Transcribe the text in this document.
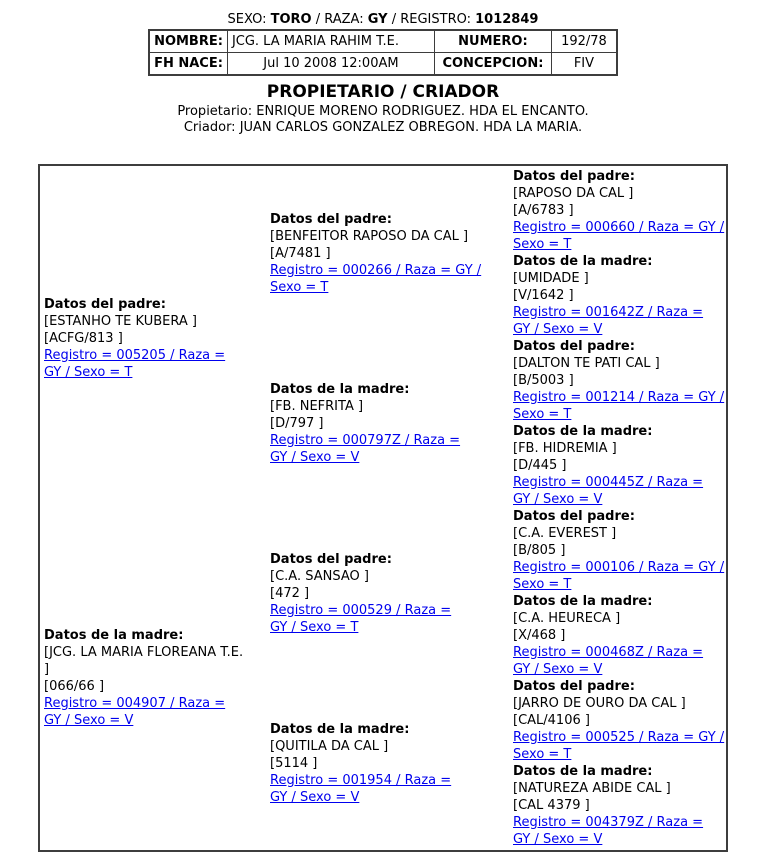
SEXO: TORO / RAZA: GY / REGISTRO: 1012849
NOMBRE:	JCG. LA MARIA RAHIM T.E.	NUMERO:	192/78
FH NACE:	Jul 10 2008 12:00AM	CONCEPCION:	FIV
PROPIETARIO / CRIADOR
Propietario: ENRIQUE MORENO RODRIGUEZ. HDA EL ENCANTO.
Criador: JUAN CARLOS GONZALEZ OBREGON. HDA LA MARIA.
Datos del padre:
[ESTANHO TE KUBERA ]
[ACFG/813 ]
Registro = 005205 / Raza = GY / Sexo = T
Datos de la madre:
[JCG. LA MARIA FLOREANA T.E. ]
[066/66 ]
Registro = 004907 / Raza = GY / Sexo = V
Datos del padre:
[BENFEITOR RAPOSO DA CAL ]
[A/7481 ]
Registro = 000266 / Raza = GY / Sexo = T
Datos de la madre:
[FB. NEFRITA ]
[D/797 ]
Registro = 000797Z / Raza = GY / Sexo = V
Datos del padre:
[C.A. SANSAO ]
[472 ]
Registro = 000529 / Raza = GY / Sexo = T
Datos de la madre:
[QUITILA DA CAL ]
[5114 ]
Registro = 001954 / Raza = GY / Sexo = V
Datos del padre:
[RAPOSO DA CAL ]
[A/6783 ]
Registro = 000660 / Raza = GY / Sexo = T
Datos de la madre:
[UMIDADE ]
[V/1642 ]
Registro = 001642Z / Raza = GY / Sexo = V
Datos del padre:
[DALTON TE PATI CAL ]
[B/5003 ]
Registro = 001214 / Raza = GY / Sexo = T
Datos de la madre:
[FB. HIDREMIA ]
[D/445 ]
Registro = 000445Z / Raza = GY / Sexo = V
Datos del padre:
[C.A. EVEREST ]
[B/805 ]
Registro = 000106 / Raza = GY / Sexo = T
Datos de la madre:
[C.A. HEURECA ]
[X/468 ]
Registro = 000468Z / Raza = GY / Sexo = V
Datos del padre:
[JARRO DE OURO DA CAL ]
[CAL/4106 ]
Registro = 000525 / Raza = GY / Sexo = T
Datos de la madre:
[NATUREZA ABIDE CAL ]
[CAL 4379 ]
Registro = 004379Z / Raza = GY / Sexo = V
